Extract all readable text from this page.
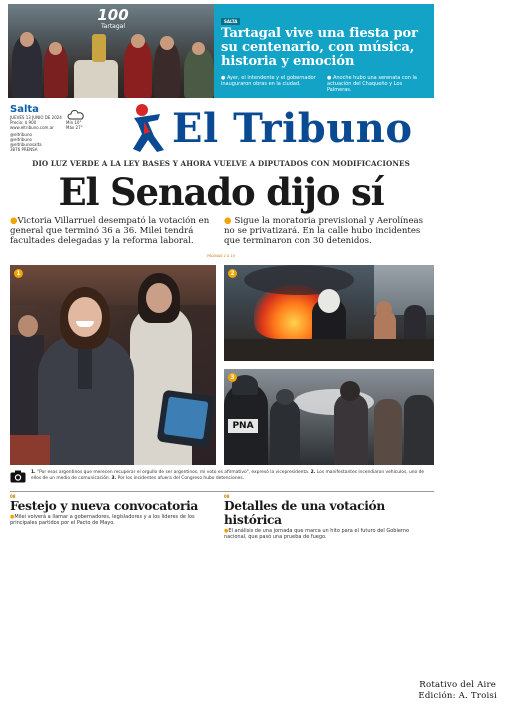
100
Tartagal
SALTA
Tartagal vive una fiesta por su centenario, con música, historia y emoción

● Ayer, el intendente y el gobernador inauguraron obras en la ciudad.

● Anoche hubo una serenata con la actuación del Chaqueño y Los Palmeras.

Salta
JUEVES 13 JUNIO DE 2024
Precio: $ 900
www.eltribuno.com.ar
@eltribuno
@eltribuno
@eltribunosalta
3876 PRENSA
Mín 10°
Máx 27° El Tribuno
DIO LUZ VERDE A LA LEY BASES Y AHORA VUELVE A DIPUTADOS CON MODIFICACIONES
El Senado dijo sí

●Victoria Villarruel desempató la votación en general que terminó 36 a 36. Milei tendrá facultades delegadas y la reforma laboral.

● Sigue la moratoria previsional y Aerolíneas no se privatizará. En la calle hubo incidentes que terminaron con 30 detenidos.

PÁGINAS 2 A 10
1	2
3
PNA

1. "Por esos argentinos que merecen recuperar el orgullo de ser argentinos, mi voto es afirmativo", expresó la vicepresidenta. 2. Los manifestantes incendiaron vehículos, uno de ellos de un medio de comunicación. 3. Por los incidentes afuera del Congreso hubo detenciones.

08
Festejo y nueva convocatoria

●Milei volverá a llamar a gobernadores, legisladores y a los líderes de los principales partidos por el Pacto de Mayo.

08
Detalles de una votación histórica

●El análisis de una jornada que marca un hito para el futuro del Gobierno nacional, que pasó una prueba de fuego.

Rotativo del Aire
Edición: A. Troisi
